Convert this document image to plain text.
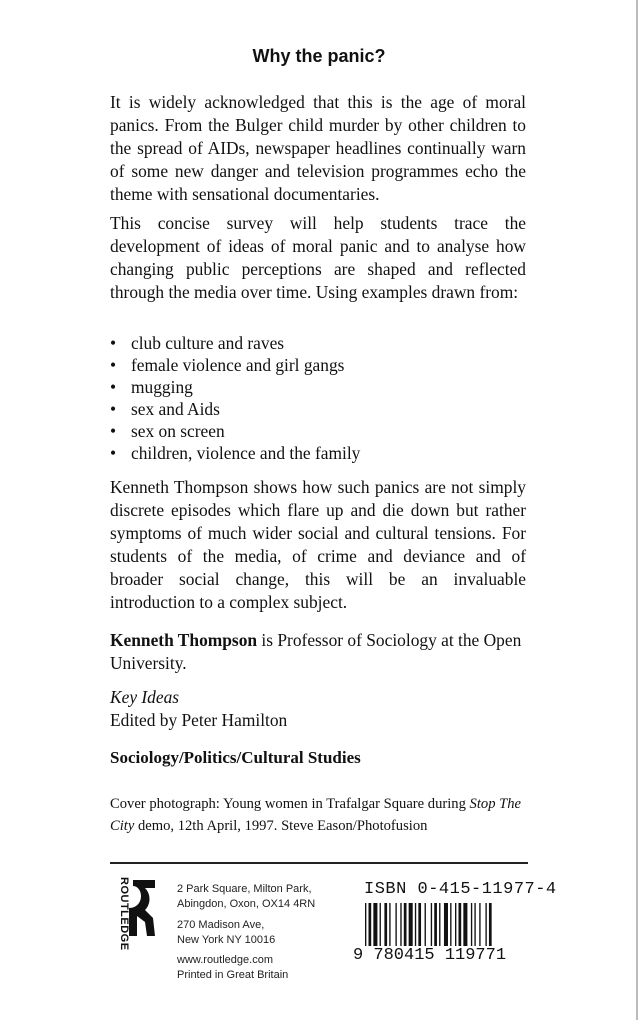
Why the panic?

It is widely acknowledged that this is the age of moral panics. From the Bulger child murder by other children to the spread of AIDs, newspaper headlines continually warn of some new danger and television programmes echo the theme with sensational documentaries.

This concise survey will help students trace the development of ideas of moral panic and to analyse how changing public perceptions are shaped and reflected through the media over time. Using examples drawn from:

• club culture and raves
• female violence and girl gangs
• mugging
• sex and Aids
• sex on screen
• children, violence and the family

Kenneth Thompson shows how such panics are not simply discrete episodes which flare up and die down but rather symptoms of much wider social and cultural tensions. For students of the media, of crime and deviance and of broader social change, this will be an invaluable introduction to a complex subject.

Kenneth Thompson is Professor of Sociology at the Open University.

Key Ideas
Edited by Peter Hamilton
Sociology/Politics/Cultural Studies

Cover photograph: Young women in Trafalgar Square during Stop The City demo, 12th April, 1997. Steve Eason/Photofusion

ROUTLEDGE	2 Park Square, Milton Park,
Abingdon, Oxon, OX14 4RN
270 Madison Ave,
New York NY 10016
www.routledge.com
Printed in Great Britain
ISBN 0-415-11977-4
9 780415 119771
